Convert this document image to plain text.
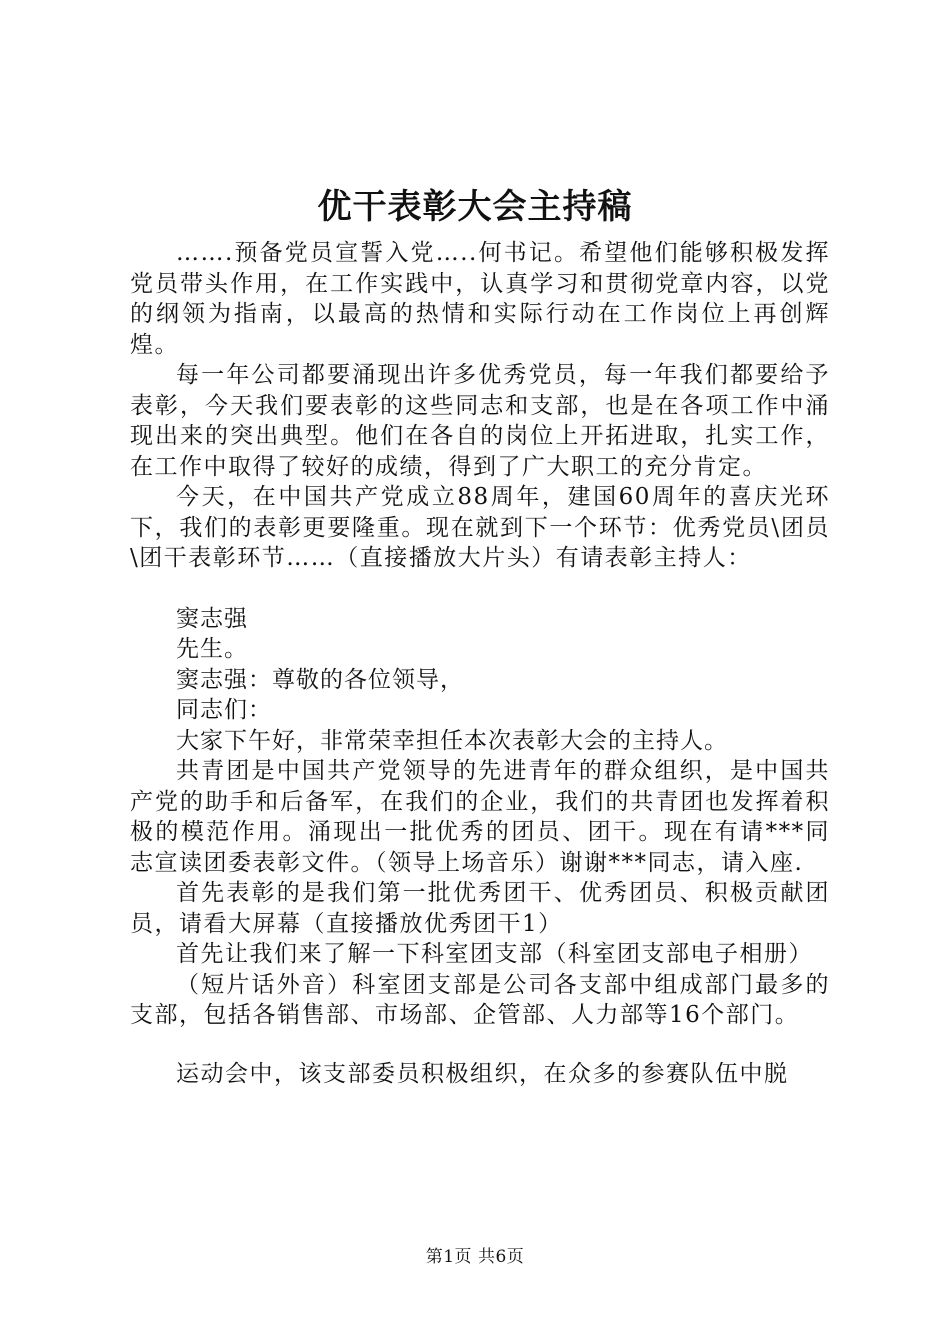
优干表彰大会主持稿

…….预备党员宣誓入党…..何书记。希望他们能够积极发挥党员带头作用，在工作实践中，认真学习和贯彻党章内容，以党的纲领为指南，以最高的热情和实际行动在工作岗位上再创辉煌。

每一年公司都要涌现出许多优秀党员，每一年我们都要给予表彰，今天我们要表彰的这些同志和支部，也是在各项工作中涌现出来的突出典型。他们在各自的岗位上开拓进取，扎实工作，在工作中取得了较好的成绩，得到了广大职工的充分肯定。

今天，在中国共产党成立88周年，建国60周年的喜庆光环下，我们的表彰更要隆重。现在就到下一个环节：优秀党员\团员\团干表彰环节……（直接播放大片头）有请表彰主持人：

窦志强

先生。

窦志强：尊敬的各位领导，

同志们：

大家下午好，非常荣幸担任本次表彰大会的主持人。

共青团是中国共产党领导的先进青年的群众组织，是中国共产党的助手和后备军，在我们的企业，我们的共青团也发挥着积极的模范作用。涌现出一批优秀的团员、团干。现在有请***同志宣读团委表彰文件。（领导上场音乐）谢谢***同志，请入座.

首先表彰的是我们第一批优秀团干、优秀团员、积极贡献团员，请看大屏幕（直接播放优秀团干1）

首先让我们来了解一下科室团支部（科室团支部电子相册）

（短片话外音）科室团支部是公司各支部中组成部门最多的支部，包括各销售部、市场部、企管部、人力部等16个部门。

运动会中，该支部委员积极组织，在众多的参赛队伍中脱

第1页 共6页
